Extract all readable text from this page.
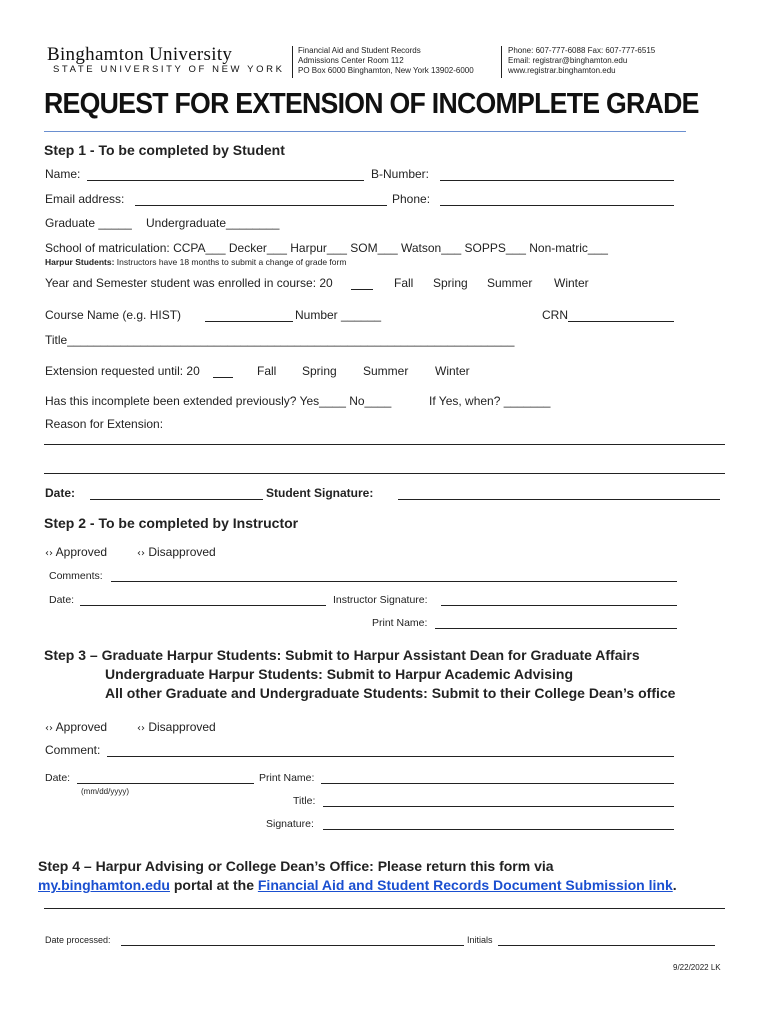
Binghamton University
STATE UNIVERSITY OF NEW YORK
Financial Aid and Student Records
Admissions Center Room 112
PO Box 6000 Binghamton, New York 13902-6000
Phone: 607-777-6088 Fax: 607-777-6515
Email: registrar@binghamton.edu
www.registrar.binghamton.edu
REQUEST FOR EXTENSION OF INCOMPLETE GRADE
Step 1 - To be completed by Student
Name:	B-Number:
Email address:	Phone:
Graduate _____ Undergraduate________
School of matriculation: CCPA___ Decker___ Harpur___ SOM___ Watson___ SOPPS___ Non-matric___
Harpur Students: Instructors have 18 months to submit a change of grade form
Year and Semester student was enrolled in course: 20	Fall Spring Summer Winter
Course Name (e.g. HIST)	Number ______	CRN
Title___________________________________________________________________
Extension requested until: 20	Fall Spring Summer Winter
Has this incomplete been extended previously? Yes____ No____	If Yes, when? _______
Reason for Extension:
Date:	Student Signature:
Step 2 - To be completed by Instructor
‹› Approved	‹› Disapproved
Comments:
Date:	Instructor Signature:
Print Name:
Step 3 – Graduate Harpur Students: Submit to Harpur Assistant Dean for Graduate Affairs
Undergraduate Harpur Students: Submit to Harpur Academic Advising
All other Graduate and Undergraduate Students: Submit to their College Dean’s office
‹› Approved	‹› Disapproved
Comment:
Date:
(mm/dd/yyyy)
Print Name:
Title:
Signature:
Step 4 – Harpur Advising or College Dean’s Office: Please return this form via
my.binghamton.edu portal at the Financial Aid and Student Records Document Submission link.
Date processed:	Initials
9/22/2022 LK
